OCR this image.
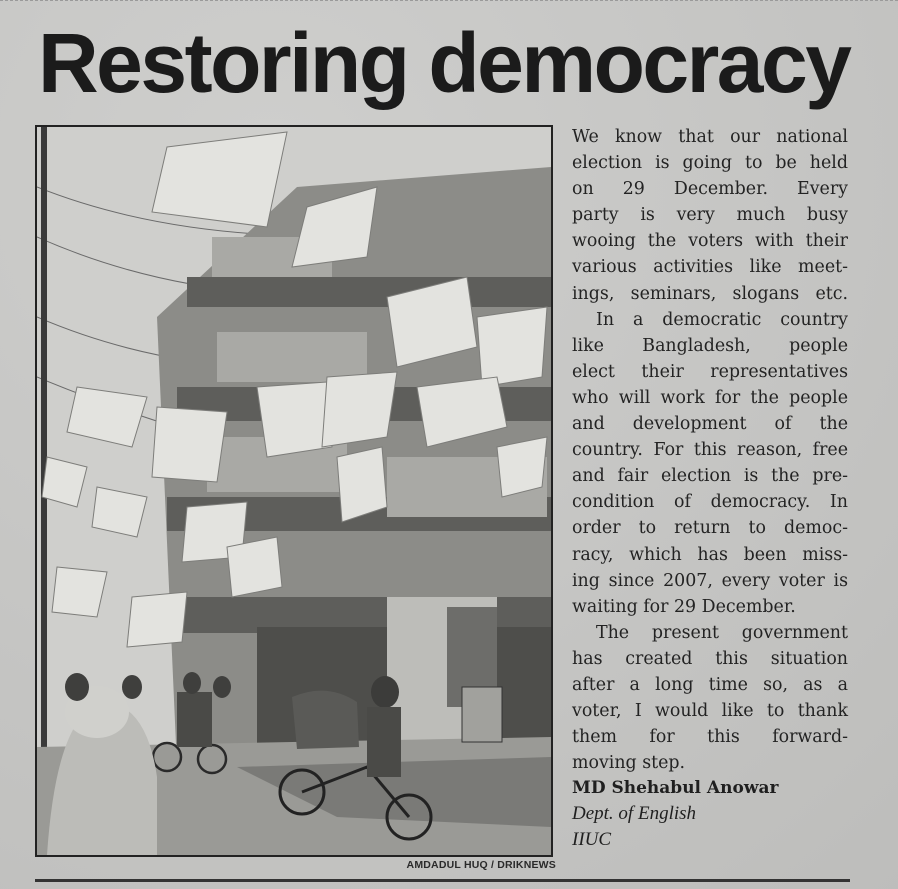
Restoring democracy
AMDADUL HUQ / DRIKNEWS

We know that our national
election is going to be held
on 29 December. Every
party is very much busy
wooing the voters with their
various activities like meet-
ings, seminars, slogans etc.

In a democratic country
like Bangladesh, people
elect their representatives
who will work for the people
and development of the
country. For this reason, free
and fair election is the pre-
condition of democracy. In
order to return to democ-
racy, which has been miss-
ing since 2007, every voter is
waiting for 29 December.

The present government
has created this situation
after a long time so, as a
voter, I would like to thank
them for this forward-
moving step.

MD Shehabul Anowar
Dept. of English
IIUC
